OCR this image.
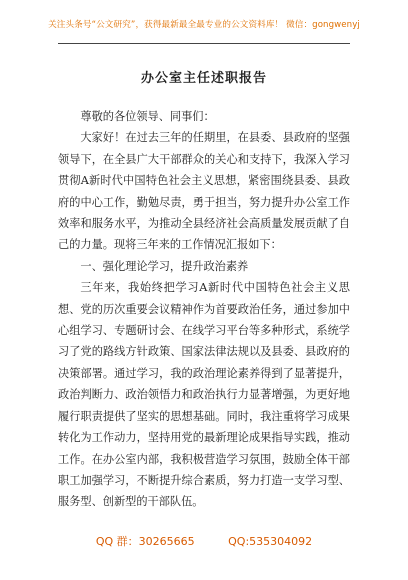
关注头条号“公文研究”，获得最新最全最专业的公文资料库！ 微信：gongwenyj
办公室主任述职报告

尊敬的各位领导、同事们：

大家好！在过去三年的任期里，在县委、县政府的坚强领导下，在全县广大干部群众的关心和支持下，我深入学习贯彻A新时代中国特色社会主义思想，紧密围绕县委、县政府的中心工作，勤勉尽责，勇于担当，努力提升办公室工作效率和服务水平，为推动全县经济社会高质量发展贡献了自己的力量。现将三年来的工作情况汇报如下：

一、强化理论学习，提升政治素养

三年来，我始终把学习A新时代中国特色社会主义思想、党的历次重要会议精神作为首要政治任务，通过参加中心组学习、专题研讨会、在线学习平台等多种形式，系统学习了党的路线方针政策、国家法律法规以及县委、县政府的决策部署。通过学习，我的政治理论素养得到了显著提升，政治判断力、政治领悟力和政治执行力显著增强，为更好地履行职责提供了坚实的思想基础。同时，我注重将学习成果转化为工作动力，坚持用党的最新理论成果指导实践，推动工作。在办公室内部，我积极营造学习氛围，鼓励全体干部职工加强学习，不断提升综合素质，努力打造一支学习型、服务型、创新型的干部队伍。

QQ 群：30265665	QQ:535304092
